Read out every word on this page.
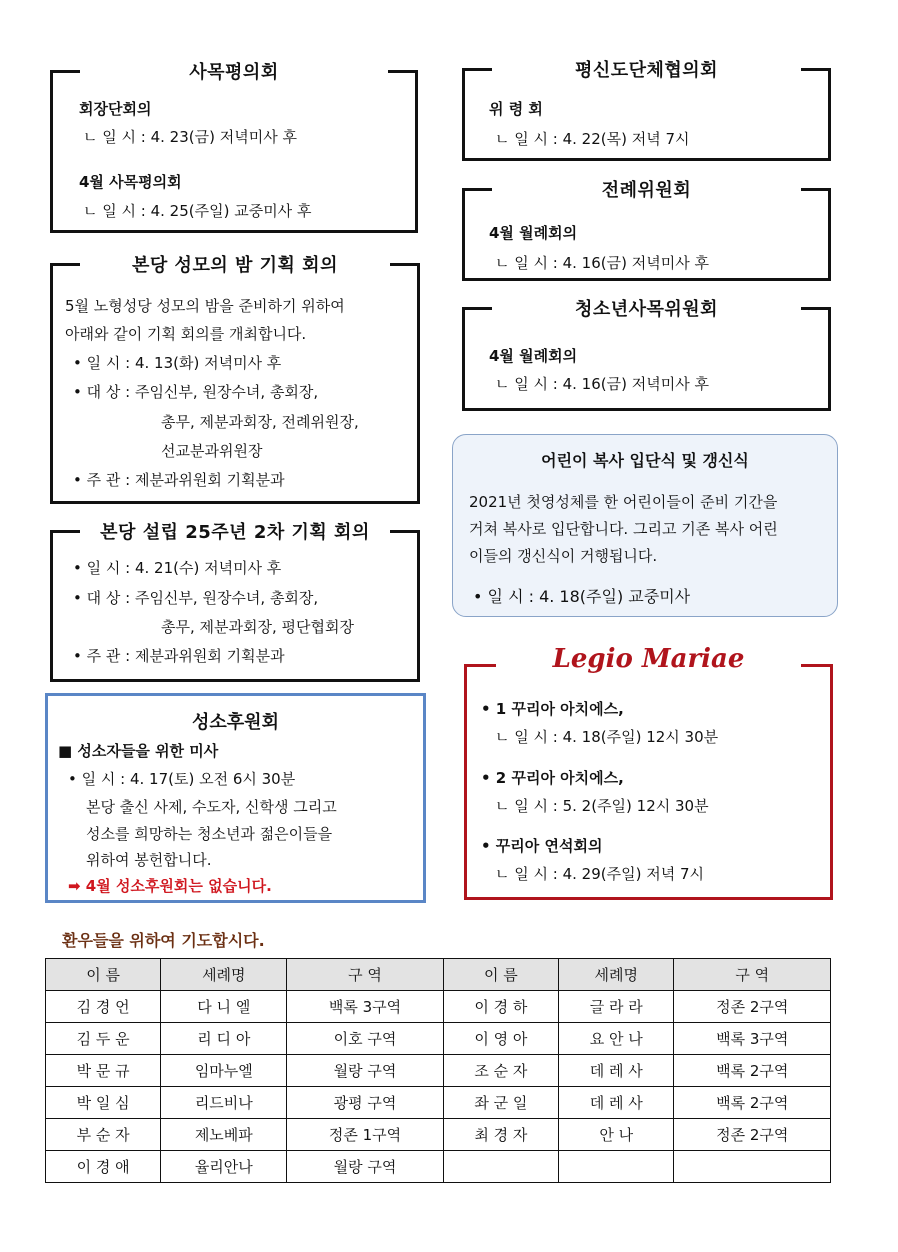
사목평의회
회장단회의
ㄴ 일 시 : 4. 23(금) 저녁미사 후
4월 사목평의회
ㄴ 일 시 : 4. 25(주일) 교중미사 후
평신도단체협의회
위 령 회
ㄴ 일 시 : 4. 22(목) 저녁 7시
전례위원회
4월 월례회의
ㄴ 일 시 : 4. 16(금) 저녁미사 후
청소년사목위원회
4월 월례회의
ㄴ 일 시 : 4. 16(금) 저녁미사 후
본당 성모의 밤 기획 회의
5월 노형성당 성모의 밤을 준비하기 위하여
아래와 같이 기획 회의를 개최합니다.
• 일 시 : 4. 13(화) 저녁미사 후
• 대 상 : 주임신부, 원장수녀, 총회장,
총무, 제분과회장, 전례위원장,
선교분과위원장
• 주 관 : 제분과위원회 기획분과
본당 설립 25주년 2차 기획 회의
• 일 시 : 4. 21(수) 저녁미사 후
• 대 상 : 주임신부, 원장수녀, 총회장,
총무, 제분과회장, 평단협회장
• 주 관 : 제분과위원회 기획분과
어린이 복사 입단식 및 갱신식
2021년 첫영성체를 한 어린이들이 준비 기간을
거쳐 복사로 입단합니다. 그리고 기존 복사 어린
이들의 갱신식이 거행됩니다.
• 일 시 : 4. 18(주일) 교중미사
성소후원회
■ 성소자들을 위한 미사
• 일 시 : 4. 17(토) 오전 6시 30분
본당 출신 사제, 수도자, 신학생 그리고
성소를 희망하는 청소년과 젊은이들을
위하여 봉헌합니다.
➡ 4월 성소후원회는 없습니다.
Legio Mariae
• 1 꾸리아 아치에스,
ㄴ 일 시 : 4. 18(주일) 12시 30분
• 2 꾸리아 아치에스,
ㄴ 일 시 : 5. 2(주일) 12시 30분
• 꾸리아 연석회의
ㄴ 일 시 : 4. 29(주일) 저녁 7시
환우들을 위하여 기도합시다.
이 름	세례명	구 역	이 름	세례명	구 역
김 경 언	다 니 엘	백록 3구역	이 경 하	글 라 라	정존 2구역
김 두 운	리 디 아	이호 구역	이 영 아	요 안 나	백록 3구역
박 문 규	임마누엘	월랑 구역	조 순 자	데 레 사	백록 2구역
박 일 심	리드비나	광평 구역	좌 군 일	데 레 사	백록 2구역
부 순 자	제노베파	정존 1구역	최 경 자	안 나	정존 2구역
이 경 애	율리안나	월랑 구역			
